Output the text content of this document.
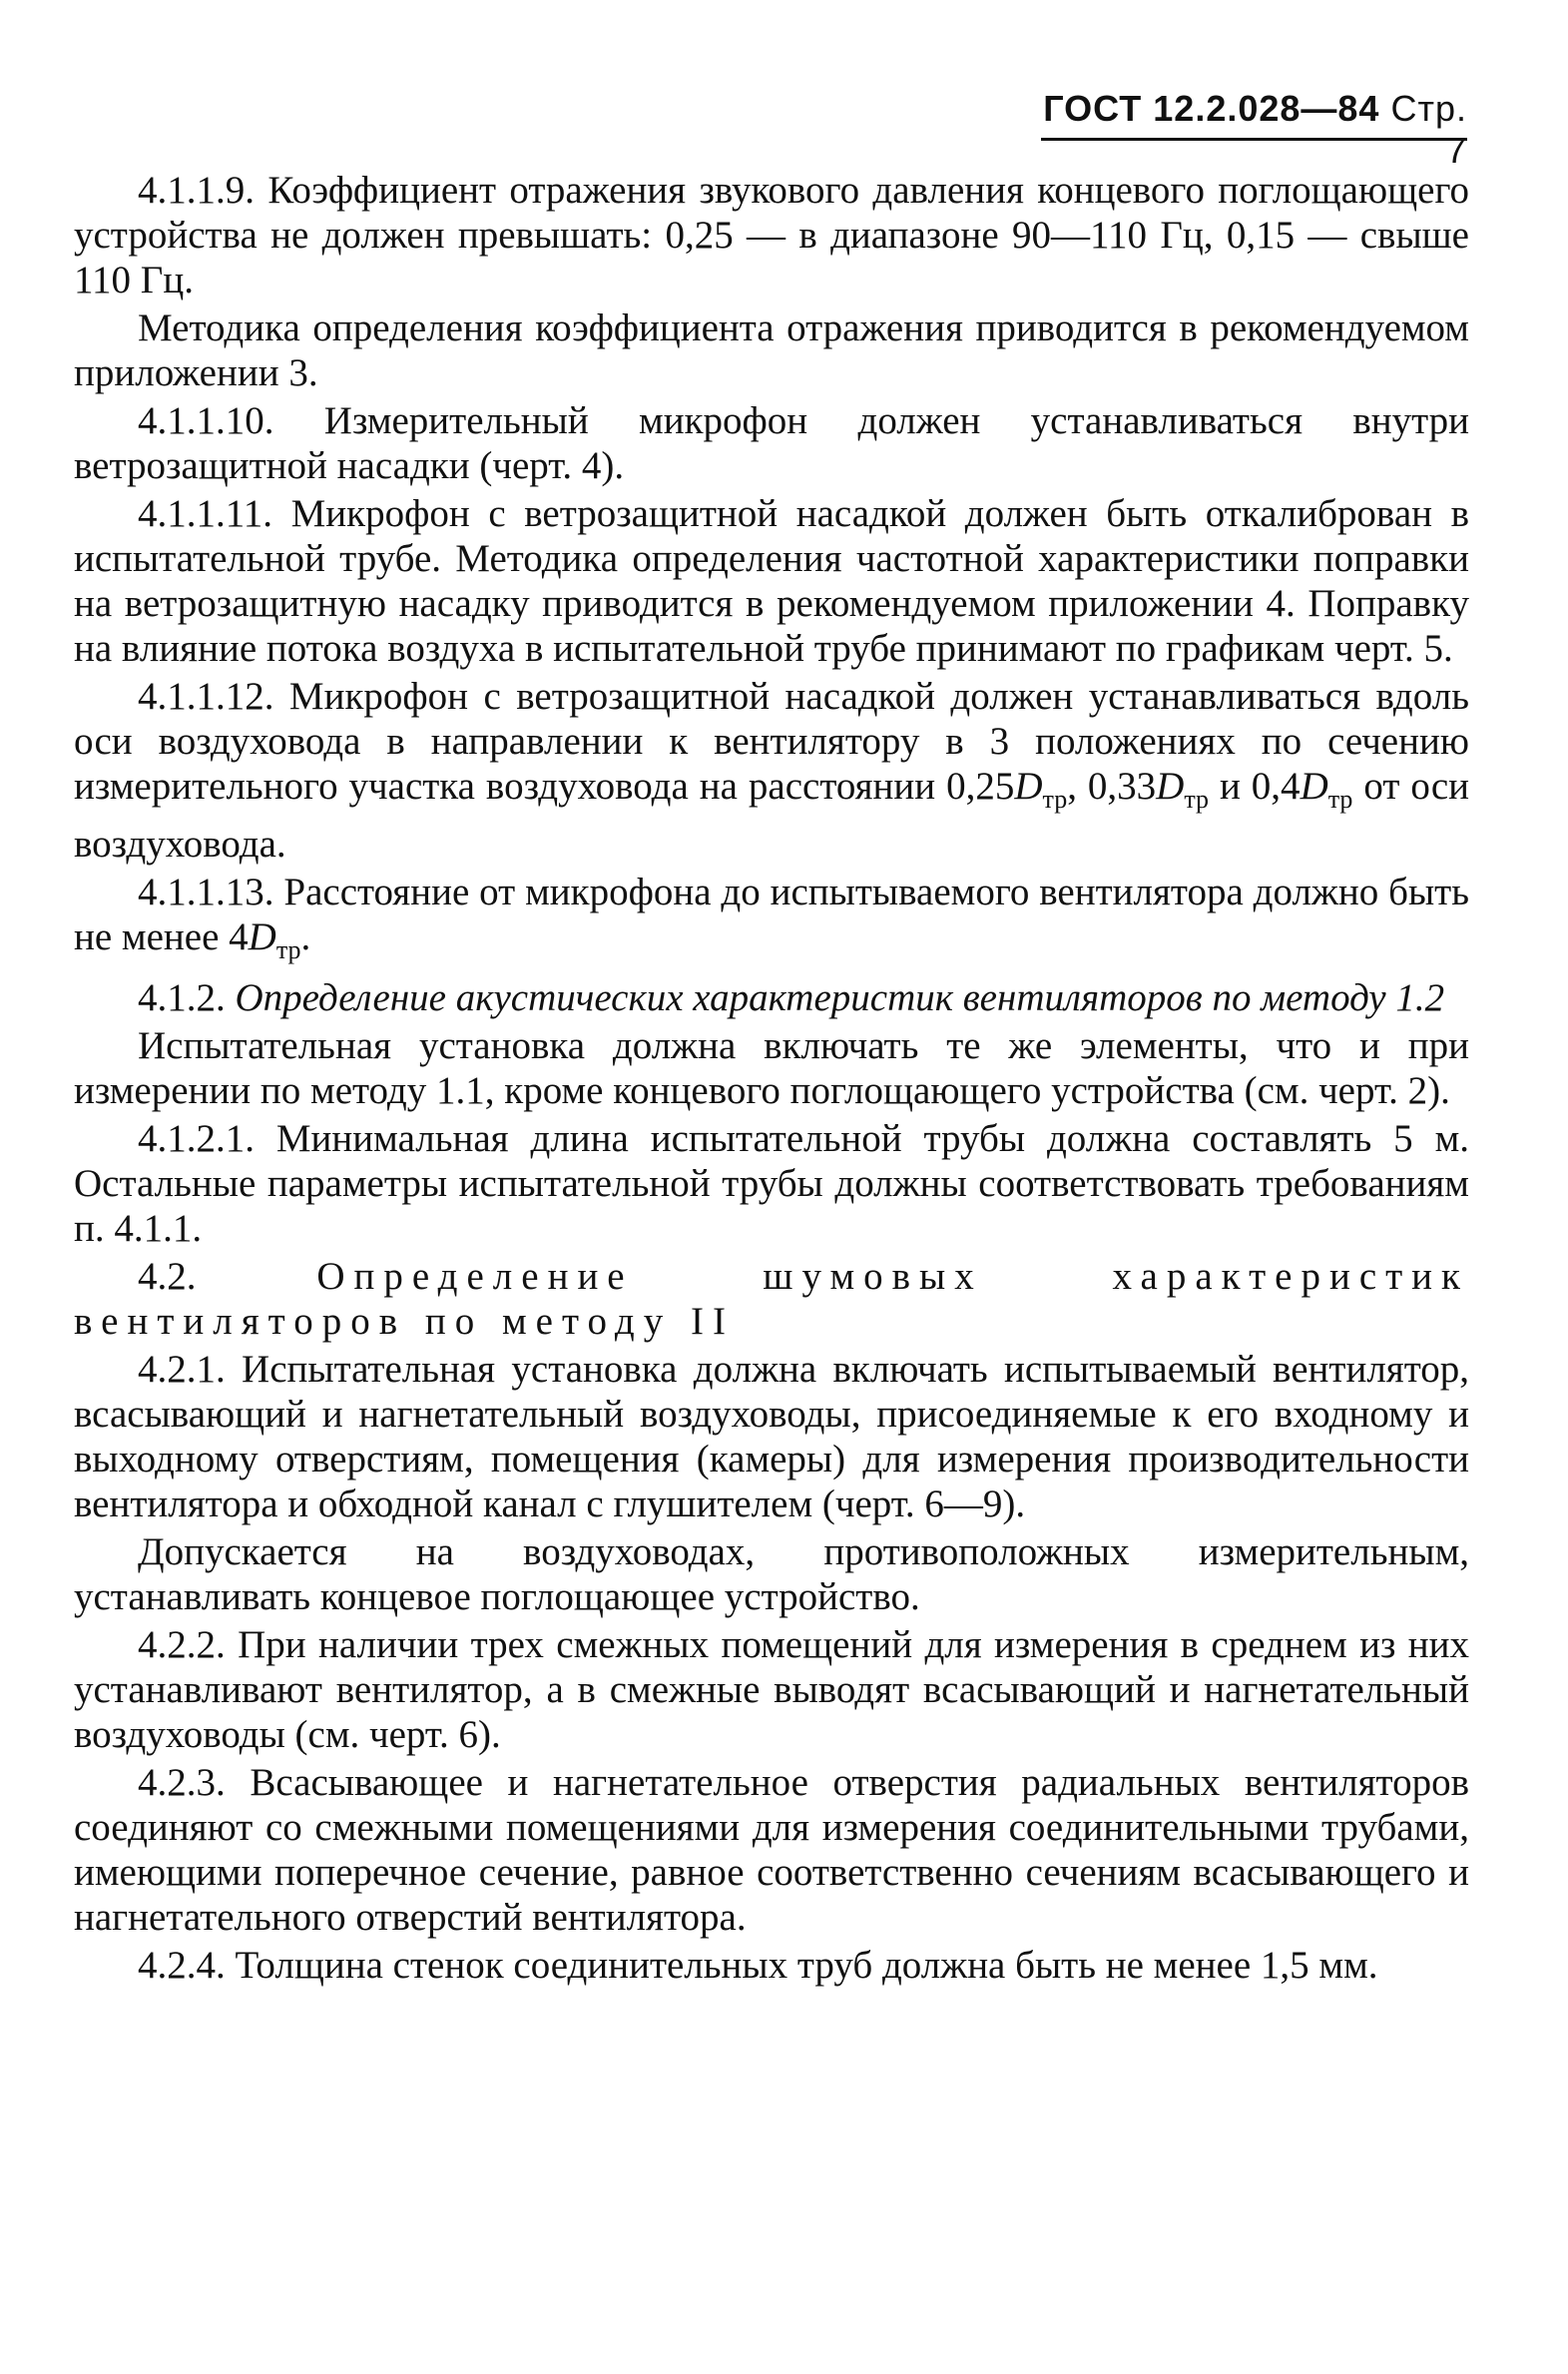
ГОСТ 12.2.028—84 Стр. 7

4.1.1.9. Коэффициент отражения звукового давления концевого поглощающего устройства не должен превышать: 0,25 — в диапазоне 90—110 Гц, 0,15 — свыше 110 Гц.

Методика определения коэффициента отражения приводится в рекомендуемом приложении 3.

4.1.1.10. Измерительный микрофон должен устанавливаться внутри ветрозащитной насадки (черт. 4).

4.1.1.11. Микрофон с ветрозащитной насадкой должен быть откалиброван в испытательной трубе. Методика определения частотной характеристики поправки на ветрозащитную насадку приводится в рекомендуемом приложении 4. Поправку на влияние потока воздуха в испытательной трубе принимают по графикам черт. 5.

4.1.1.12. Микрофон с ветрозащитной насадкой должен устанавливаться вдоль оси воздуховода в направлении к вентилятору в 3 положениях по сечению измерительного участка воздуховода на расстоянии $0,25D_{тр}$, $0,33D_{тр}$ и $0,4D_{тр}$ от оси воздуховода.

4.1.1.13. Расстояние от микрофона до испытываемого вентилятора должно быть не менее $4D_{тр}$.

4.1.2. Определение акустических характеристик вентиляторов по методу 1.2

Испытательная установка должна включать те же элементы, что и при измерении по методу 1.1, кроме концевого поглощающего устройства (см. черт. 2).

4.1.2.1. Минимальная длина испытательной трубы должна составлять 5 м. Остальные параметры испытательной трубы должны соответствовать требованиям п. 4.1.1.

4.2.	Определение шумовых характеристик вентиляторов по методу II

4.2.1. Испытательная установка должна включать испытываемый вентилятор, всасывающий и нагнетательный воздуховоды, присоединяемые к его входному и выходному отверстиям, помещения (камеры) для измерения производительности вентилятора и обходной канал с глушителем (черт. 6—9).

Допускается на воздуховодах, противоположных измерительным, устанавливать концевое поглощающее устройство.

4.2.2. При наличии трех смежных помещений для измерения в среднем из них устанавливают вентилятор, а в смежные выводят всасывающий и нагнетательный воздуховоды (см. черт. 6).

4.2.3. Всасывающее и нагнетательное отверстия радиальных вентиляторов соединяют со смежными помещениями для измерения соединительными трубами, имеющими поперечное сечение, равное соответственно сечениям всасывающего и нагнетательного отверстий вентилятора.

4.2.4. Толщина стенок соединительных труб должна быть не менее 1,5 мм.
